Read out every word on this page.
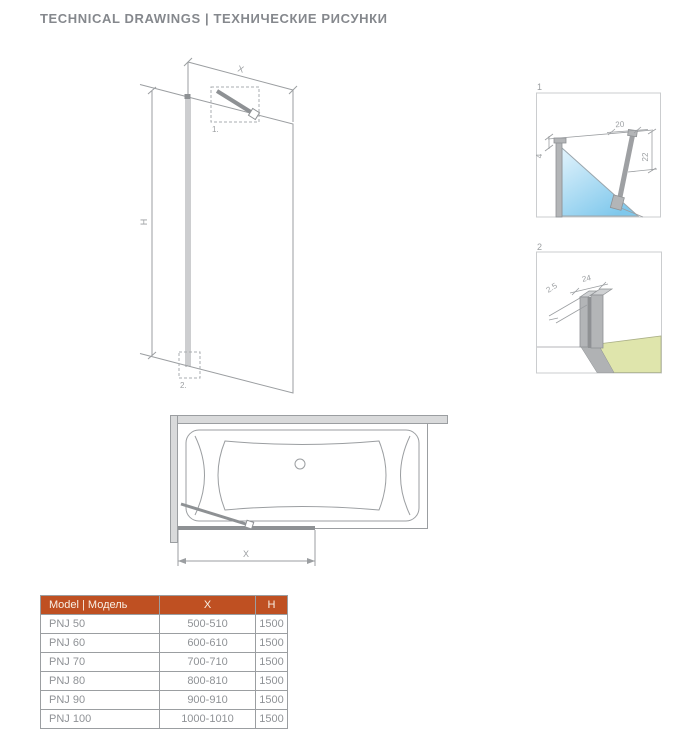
TECHNICAL DRAWINGS | ТЕХНИЧЕСКИЕ РИСУНКИ
X
H
1.
2.
1
4
20
22
2
24
2.5
X
Model | Модель	X	H
PNJ 50	500-510	1500
PNJ 60	600-610	1500
PNJ 70	700-710	1500
PNJ 80	800-810	1500
PNJ 90	900-910	1500
PNJ 100	1000-1010	1500
